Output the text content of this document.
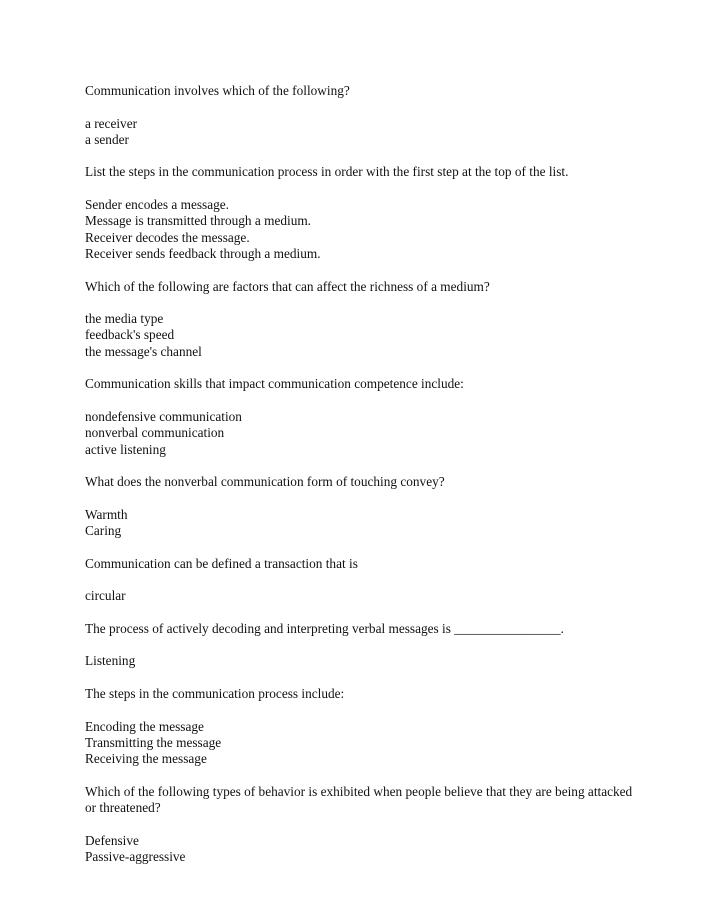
Communication involves which of the following?
a receiver
a sender
List the steps in the communication process in order with the first step at the top of the list.
Sender encodes a message.
Message is transmitted through a medium.
Receiver decodes the message.
Receiver sends feedback through a medium.
Which of the following are factors that can affect the richness of a medium?
the media type
feedback's speed
the message's channel
Communication skills that impact communication competence include:
nondefensive communication
nonverbal communication
active listening
What does the nonverbal communication form of touching convey?
Warmth
Caring
Communication can be defined a transaction that is
circular
The process of actively decoding and interpreting verbal messages is ________________.
Listening
The steps in the communication process include:
Encoding the message
Transmitting the message
Receiving the message
Which of the following types of behavior is exhibited when people believe that they are being attacked or threatened?
Defensive
Passive-aggressive
